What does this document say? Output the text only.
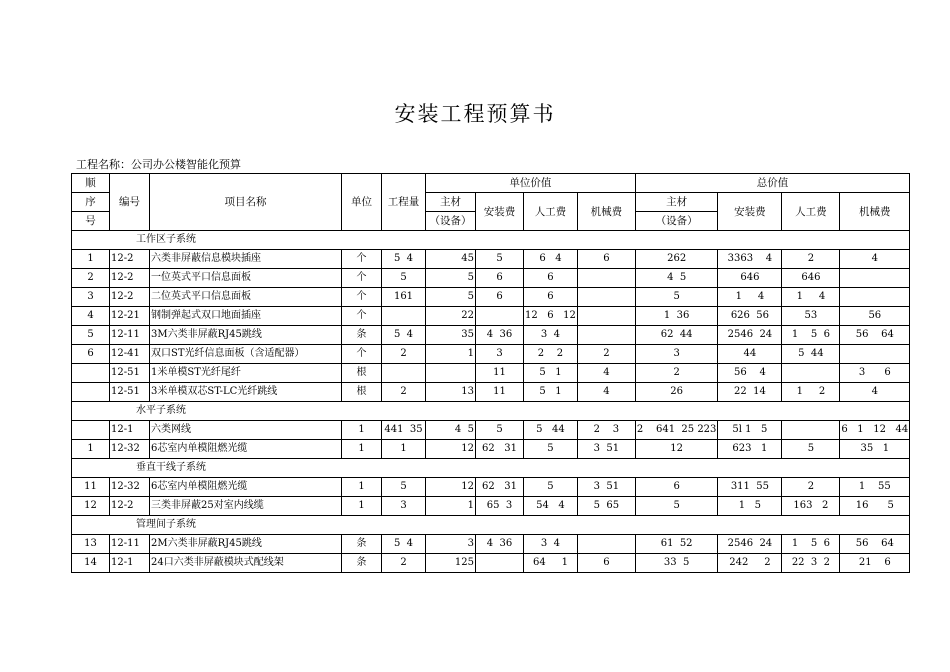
安装工程预算书
工程名称：公司办公楼智能化预算
顺	编号	项目名称	单位	工程量	单位价值				总价值			
序					主材	安装费	人工费	机械费	主材	安装费	人工费	机械费
号					（设备）				（设备）			
工作区子系统												
1	12-2	六类非屏蔽信息模块插座	个	5  4	45	5	6   4	6	262	3363    4	2	4
2	12-2	一位英式平口信息面板	个	5	5	6	6		4  5	646	646	
3	12-2	二位英式平口信息面板	个	161	5	6	6		5	1     4	1     4	
4	12-21	钢制弹起式双口地面插座	个		22		12   6   12		1  36	626  56	53	56
5	12-11	3M六类非屏蔽RJ45跳线	条	5  4	35	4  36	3  4		62  44	2546  24	1    5  6	56    64
6	12-41	双口ST光纤信息面板（含适配器）	个	2	1	3	2    2	2	3	44	5  44	
	12-51	1米单模ST光纤尾纤	根			11	5   1	4	2	56    4		3      6
	12-51	3米单模双芯ST-LC光纤跳线	根	2	13	11	5   1	4	26	22  14	1     2	4
水平子系统												
	12-1	六类网线	1	441  35	4  5	5	5   44	2    3	2    641  25 223	5l 1   5		6   1   12   44
1	12-32	6芯室内单模阻燃光缆	1	1	12	62   31	5	3  51	12	623   1	5	35   1
垂直干线子系统												
11	12-32	6芯室内单模阻燃光缆	1	5	12	62   31	5	3  51	6	311  55	2	1    55
12	12-2	三类非屏蔽25对室内线缆	1	3	1	65  3	54   4	5  65	5	1   5	163   2	16      5
管理间子系统												
13	12-11	2M六类非屏蔽RJ45跳线	条	5  4	3	4  36	3  4		61  52	2546  24	1    5  6	56    64
14	12-1	24口六类非屏蔽模块式配线架	条	2	125		64     1	6	33  5	242     2	22  3  2	21    6
